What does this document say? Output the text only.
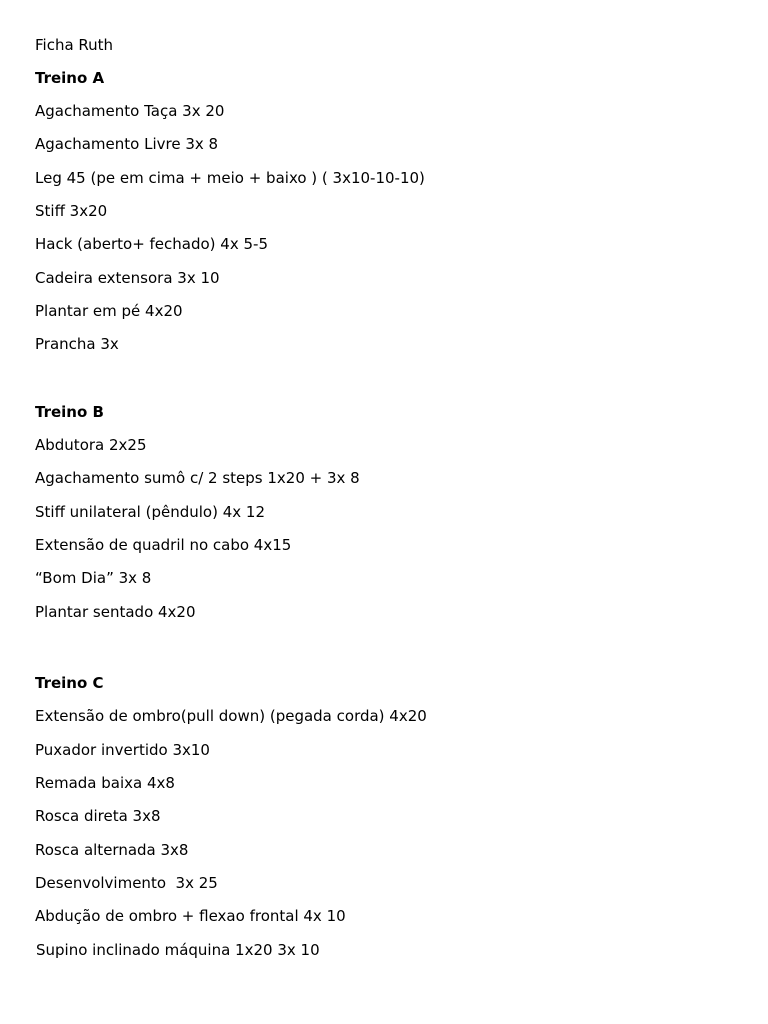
Ficha Ruth
Treino A
Agachamento Taça 3x 20
Agachamento Livre 3x 8
Leg 45 (pe em cima + meio + baixo ) ( 3x10-10-10)
Stiff 3x20
Hack (aberto+ fechado) 4x 5-5
Cadeira extensora 3x 10
Plantar em pé 4x20
Prancha 3x
Treino B
Abdutora 2x25
Agachamento sumô c/ 2 steps 1x20 + 3x 8
Stiff unilateral (pêndulo) 4x 12
Extensão de quadril no cabo 4x15
“Bom Dia” 3x 8
Plantar sentado 4x20
Treino C
Extensão de ombro(pull down) (pegada corda) 4x20
Puxador invertido 3x10
Remada baixa 4x8
Rosca direta 3x8
Rosca alternada 3x8
Desenvolvimento  3x 25
Abdução de ombro + flexao frontal 4x 10
Supino inclinado máquina 1x20 3x 10
